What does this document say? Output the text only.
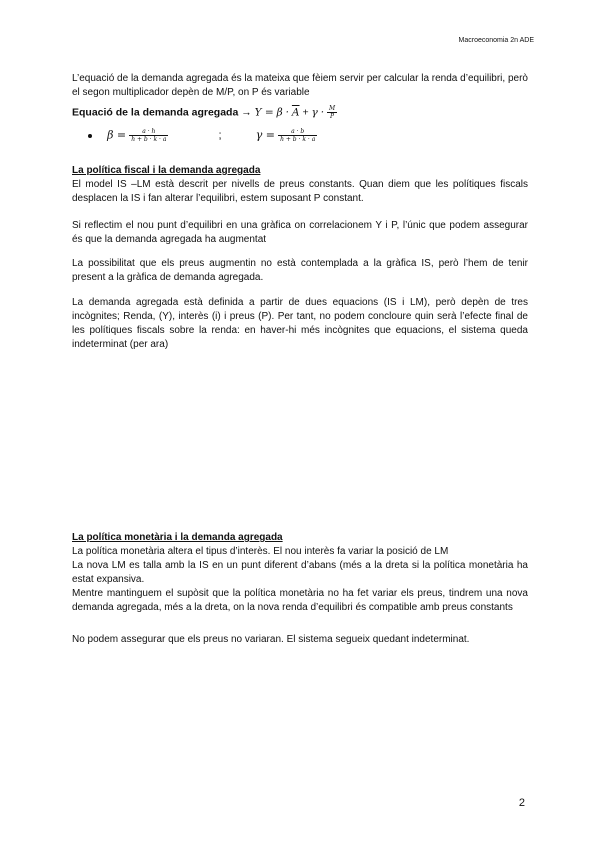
Macroeconomia 2n ADE
L’equació de la demanda agregada és la mateixa que fèiem servir per calcular la renda d’equilibri, però el segon multiplicador depèn de M/P, on P és variable
Equació de la demanda agregada → $Y = \beta \cdot \overline{A} + \gamma \cdot \frac{M}{P}$
$\beta = \frac{a \cdot h}{h + b \cdot k \cdot a}$	;	$\gamma = \frac{a \cdot b}{h + b \cdot k \cdot a}$
La política fiscal i la demanda agregada
El model IS –LM està descrit per nivells de preus constants. Quan diem que les polítiques fiscals desplacen la IS i fan alterar l’equilibri, estem suposant P constant.
Si reflectim el nou punt d’equilibri en una gràfica on correlacionem Y i P, l’únic que podem assegurar és que la demanda agregada ha augmentat
La possibilitat que els preus augmentin no està contemplada a la gràfica IS, però l’hem de tenir present a la gràfica de demanda agregada.
La demanda agregada està definida a partir de dues equacions (IS i LM), però depèn de tres incògnites; Renda, (Y), interès (i) i preus (P). Per tant, no podem concloure quin serà l’efecte final de les polítiques fiscals sobre la renda: en haver-hi més incògnites que equacions, el sistema queda indeterminat (per ara)
La política monetària i la demanda agregada
La política monetària altera el tipus d’interès. El nou interès fa variar la posició de LM
La nova LM es talla amb la IS en un punt diferent d’abans (més a la dreta si la política monetària ha estat expansiva.
Mentre mantinguem el supòsit que la política monetària no ha fet variar els preus, tindrem una nova demanda agregada, més a la dreta, on la nova renda d’equilibri és compatible amb preus constants
No podem assegurar que els preus no variaran. El sistema segueix quedant indeterminat.
2
